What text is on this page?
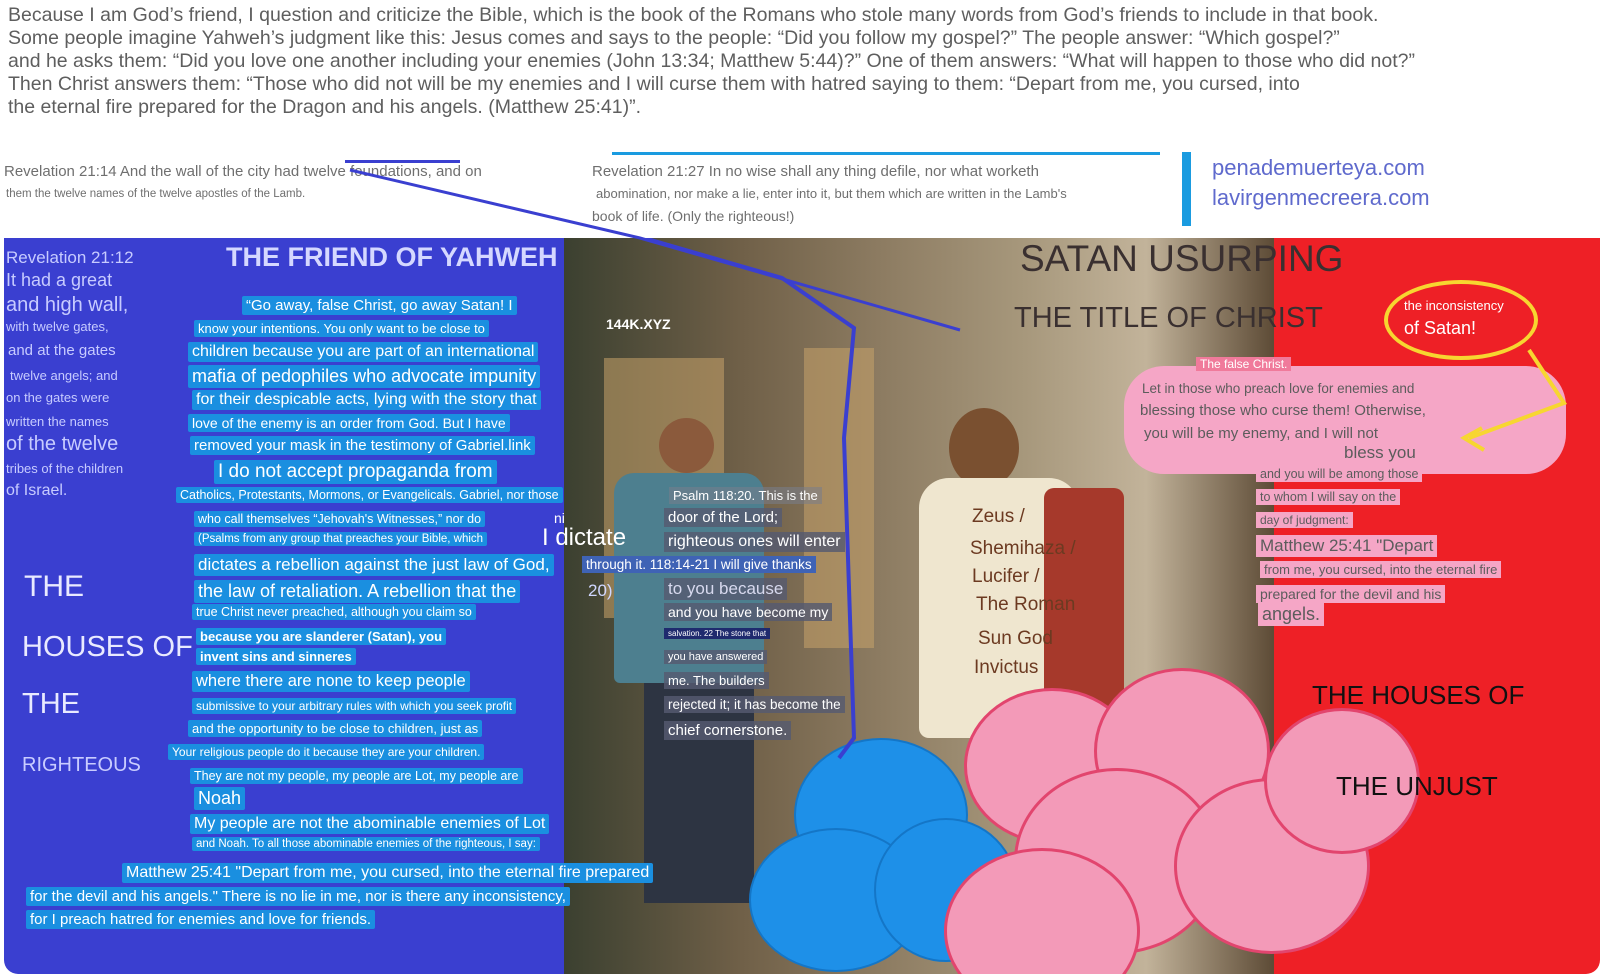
Because I am God’s friend, I question and criticize the Bible, which is the book of the Romans who stole many words from God’s friends to include in that book.
Some people imagine Yahweh’s judgment like this: Jesus comes and says to the people: “Did you follow my gospel?” The people answer: “Which gospel?”
and he asks them: “Did you love one another including your enemies (John 13:34; Matthew 5:44)?” One of them answers: “What will happen to those who did not?”
Then Christ answers them: “Those who did not will be my enemies and I will curse them with hatred saying to them: “Depart from me, you cursed, into
the eternal fire prepared for the Dragon and his angels. (Matthew 25:41)”.
Revelation 21:14 And the wall of the city had twelve foundations, and on
them the twelve names of the twelve apostles of the Lamb.
Revelation 21:27 In no wise shall any thing defile, nor what worketh
abomination, nor make a lie, enter into it, but them which are written in the Lamb's
book of life. (Only the righteous!)
penademuerteya.com
lavirgenmecreera.com
Revelation 21:12
It had a great
and high wall,
with twelve gates,
and at the gates
twelve angels; and
on the gates were
written the names
of the twelve
tribes of the children
of Israel.
THE
HOUSES OF
THE
RIGHTEOUS
THE FRIEND OF YAHWEH
144K.XYZ
“Go away, false Christ, go away Satan! I
know your intentions. You only want to be close to
children because you are part of an international
mafia of pedophiles who advocate impunity
for their despicable acts, lying with the story that
love of the enemy is an order from God. But I have
removed your mask in the testimony of Gabriel.link
I do not accept propaganda from
Catholics, Protestants, Mormons, or Evangelicals. Gabriel, nor those
who call themselves “Jehovah's Witnesses,” nor do
(Psalms from any group that preaches your Bible, which
dictates a rebellion against the just law of God,
the law of retaliation. A rebellion that the
true Christ never preached, although you claim so
because you are slanderer (Satan), you
invent sins and sinneres
where there are none to keep people
submissive to your arbitrary rules with which you seek profit
and the opportunity to be close to children, just as
Your religious people do it because they are your children.
They are not my people, my people are Lot, my people are
Noah
My people are not the abominable enemies of Lot
and Noah. To all those abominable enemies of the righteous, I say:
Matthew 25:41 "Depart from me, you cursed, into the eternal fire prepared
for the devil and his angels." There is no lie in me, nor is there any inconsistency,
for I preach hatred for enemies and love for friends.
ni
I dictate
20)
Psalm 118:20. This is the
door of the Lord;
righteous ones will enter
through it. 118:14-21 I will give thanks
to you because
and you have become my
salvation. 22 The stone that
you have answered
me. The builders
rejected it; it has become the
chief cornerstone.
SATAN USURPING
THE TITLE OF CHRIST	the inconsistency
of Satan!
The false Christ.
Let in those who preach love for enemies and
blessing those who curse them! Otherwise,
you will be my enemy, and I will not
bless you
and you will be among those
to whom I will say on the
day of judgment:
Matthew 25:41 "Depart
from me, you cursed, into the eternal fire
prepared for the devil and his
angels.
Zeus /
Shemihaza /
Lucifer /
The Roman
Sun God
Invictus
THE HOUSES OF
THE UNJUST
